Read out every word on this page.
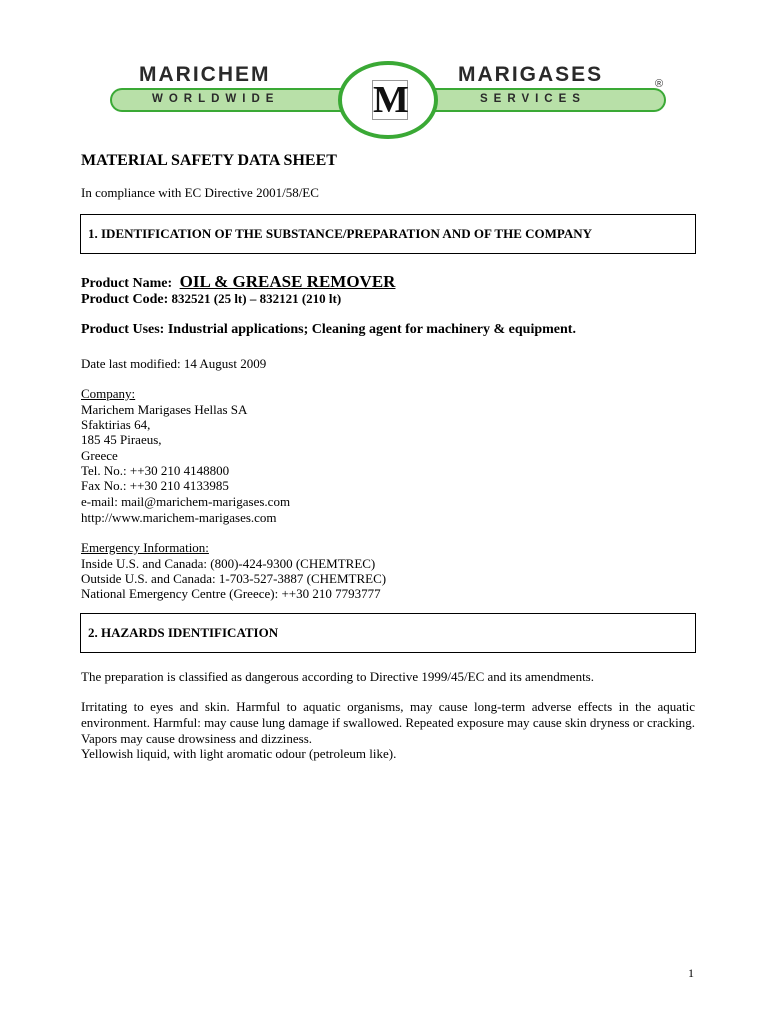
MARICHEM
WORLDWIDE
MARIGASES
SERVICES
M	®
MATERIAL SAFETY DATA SHEET
In compliance with EC Directive 2001/58/EC
1. IDENTIFICATION OF THE SUBSTANCE/PREPARATION AND OF THE COMPANY
Product Name: OIL & GREASE REMOVER
Product Code: 832521 (25 lt) – 832121 (210 lt)
Product Uses: Industrial applications; Cleaning agent for machinery & equipment.
Date last modified: 14 August 2009
Company:
Marichem Marigases Hellas SA
Sfaktirias 64,
185 45 Piraeus,
Greece
Tel. No.: ++30 210 4148800
Fax No.: ++30 210 4133985
e-mail: mail@marichem-marigases.com
http://www.marichem-marigases.com
Emergency Information:
Inside U.S. and Canada: (800)-424-9300 (CHEMTREC)
Outside U.S. and Canada: 1-703-527-3887 (CHEMTREC)
National Emergency Centre (Greece): ++30 210 7793777
2. HAZARDS IDENTIFICATION
The preparation is classified as dangerous according to Directive 1999/45/EC and its amendments.
Irritating to eyes and skin. Harmful to aquatic organisms, may cause long-term adverse effects in the aquatic environment. Harmful: may cause lung damage if swallowed. Repeated exposure may cause skin dryness or cracking. Vapors may cause drowsiness and dizziness.
Yellowish liquid, with light aromatic odour (petroleum like).
1
